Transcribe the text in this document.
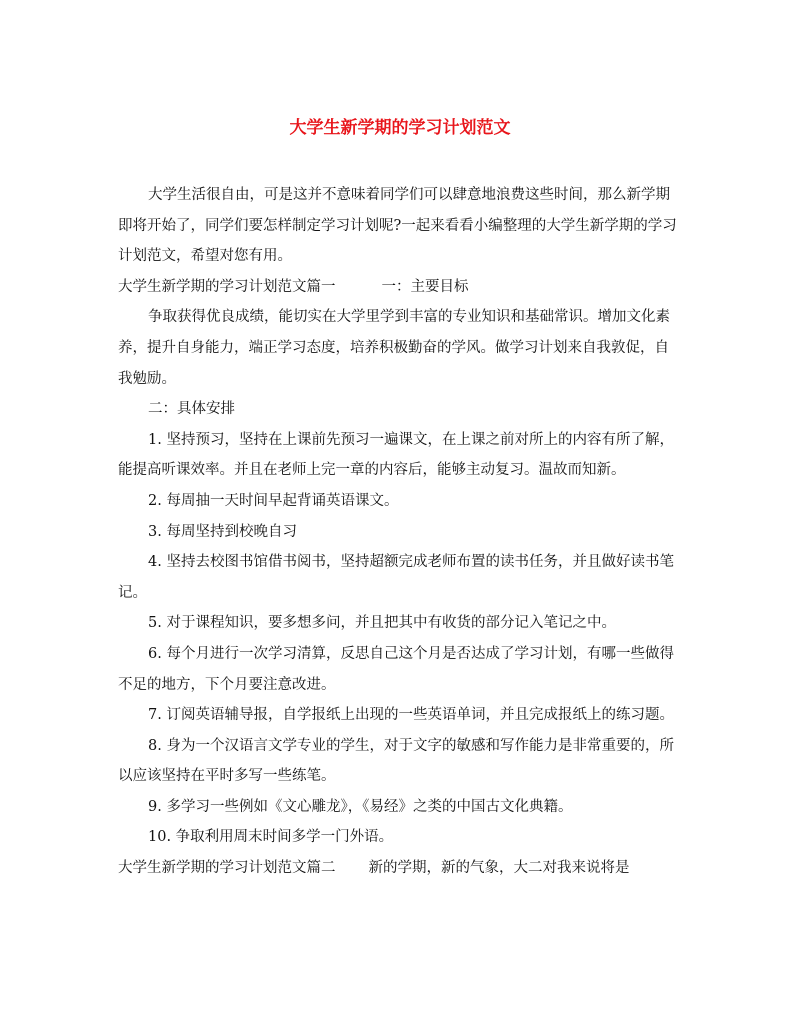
大学生新学期的学习计划范文

大学生活很自由，可是这并不意味着同学们可以肆意地浪费这些时间，那么新学期即将开始了，同学们要怎样制定学习计划呢?一起来看看小编整理的大学生新学期的学习计划范文，希望对您有用。

大学生新学期的学习计划范文篇一	一：主要目标

争取获得优良成绩，能切实在大学里学到丰富的专业知识和基础常识。增加文化素养，提升自身能力，端正学习态度，培养积极勤奋的学风。做学习计划来自我敦促，自我勉励。

二：具体安排

1. 坚持预习，坚持在上课前先预习一遍课文，在上课之前对所上的内容有所了解，能提高听课效率。并且在老师上完一章的内容后，能够主动复习。温故而知新。

2. 每周抽一天时间早起背诵英语课文。

3. 每周坚持到校晚自习

4. 坚持去校图书馆借书阅书，坚持超额完成老师布置的读书任务，并且做好读书笔记。

5. 对于课程知识，要多想多问，并且把其中有收货的部分记入笔记之中。

6. 每个月进行一次学习清算，反思自己这个月是否达成了学习计划，有哪一些做得不足的地方，下个月要注意改进。

7. 订阅英语辅导报，自学报纸上出现的一些英语单词，并且完成报纸上的练习题。

8. 身为一个汉语言文学专业的学生，对于文字的敏感和写作能力是非常重要的，所以应该坚持在平时多写一些练笔。

9. 多学习一些例如《文心雕龙》，《易经》之类的中国古文化典籍。

10. 争取利用周末时间多学一门外语。

大学生新学期的学习计划范文篇二 新的学期，新的气象，大二对我来说将是
